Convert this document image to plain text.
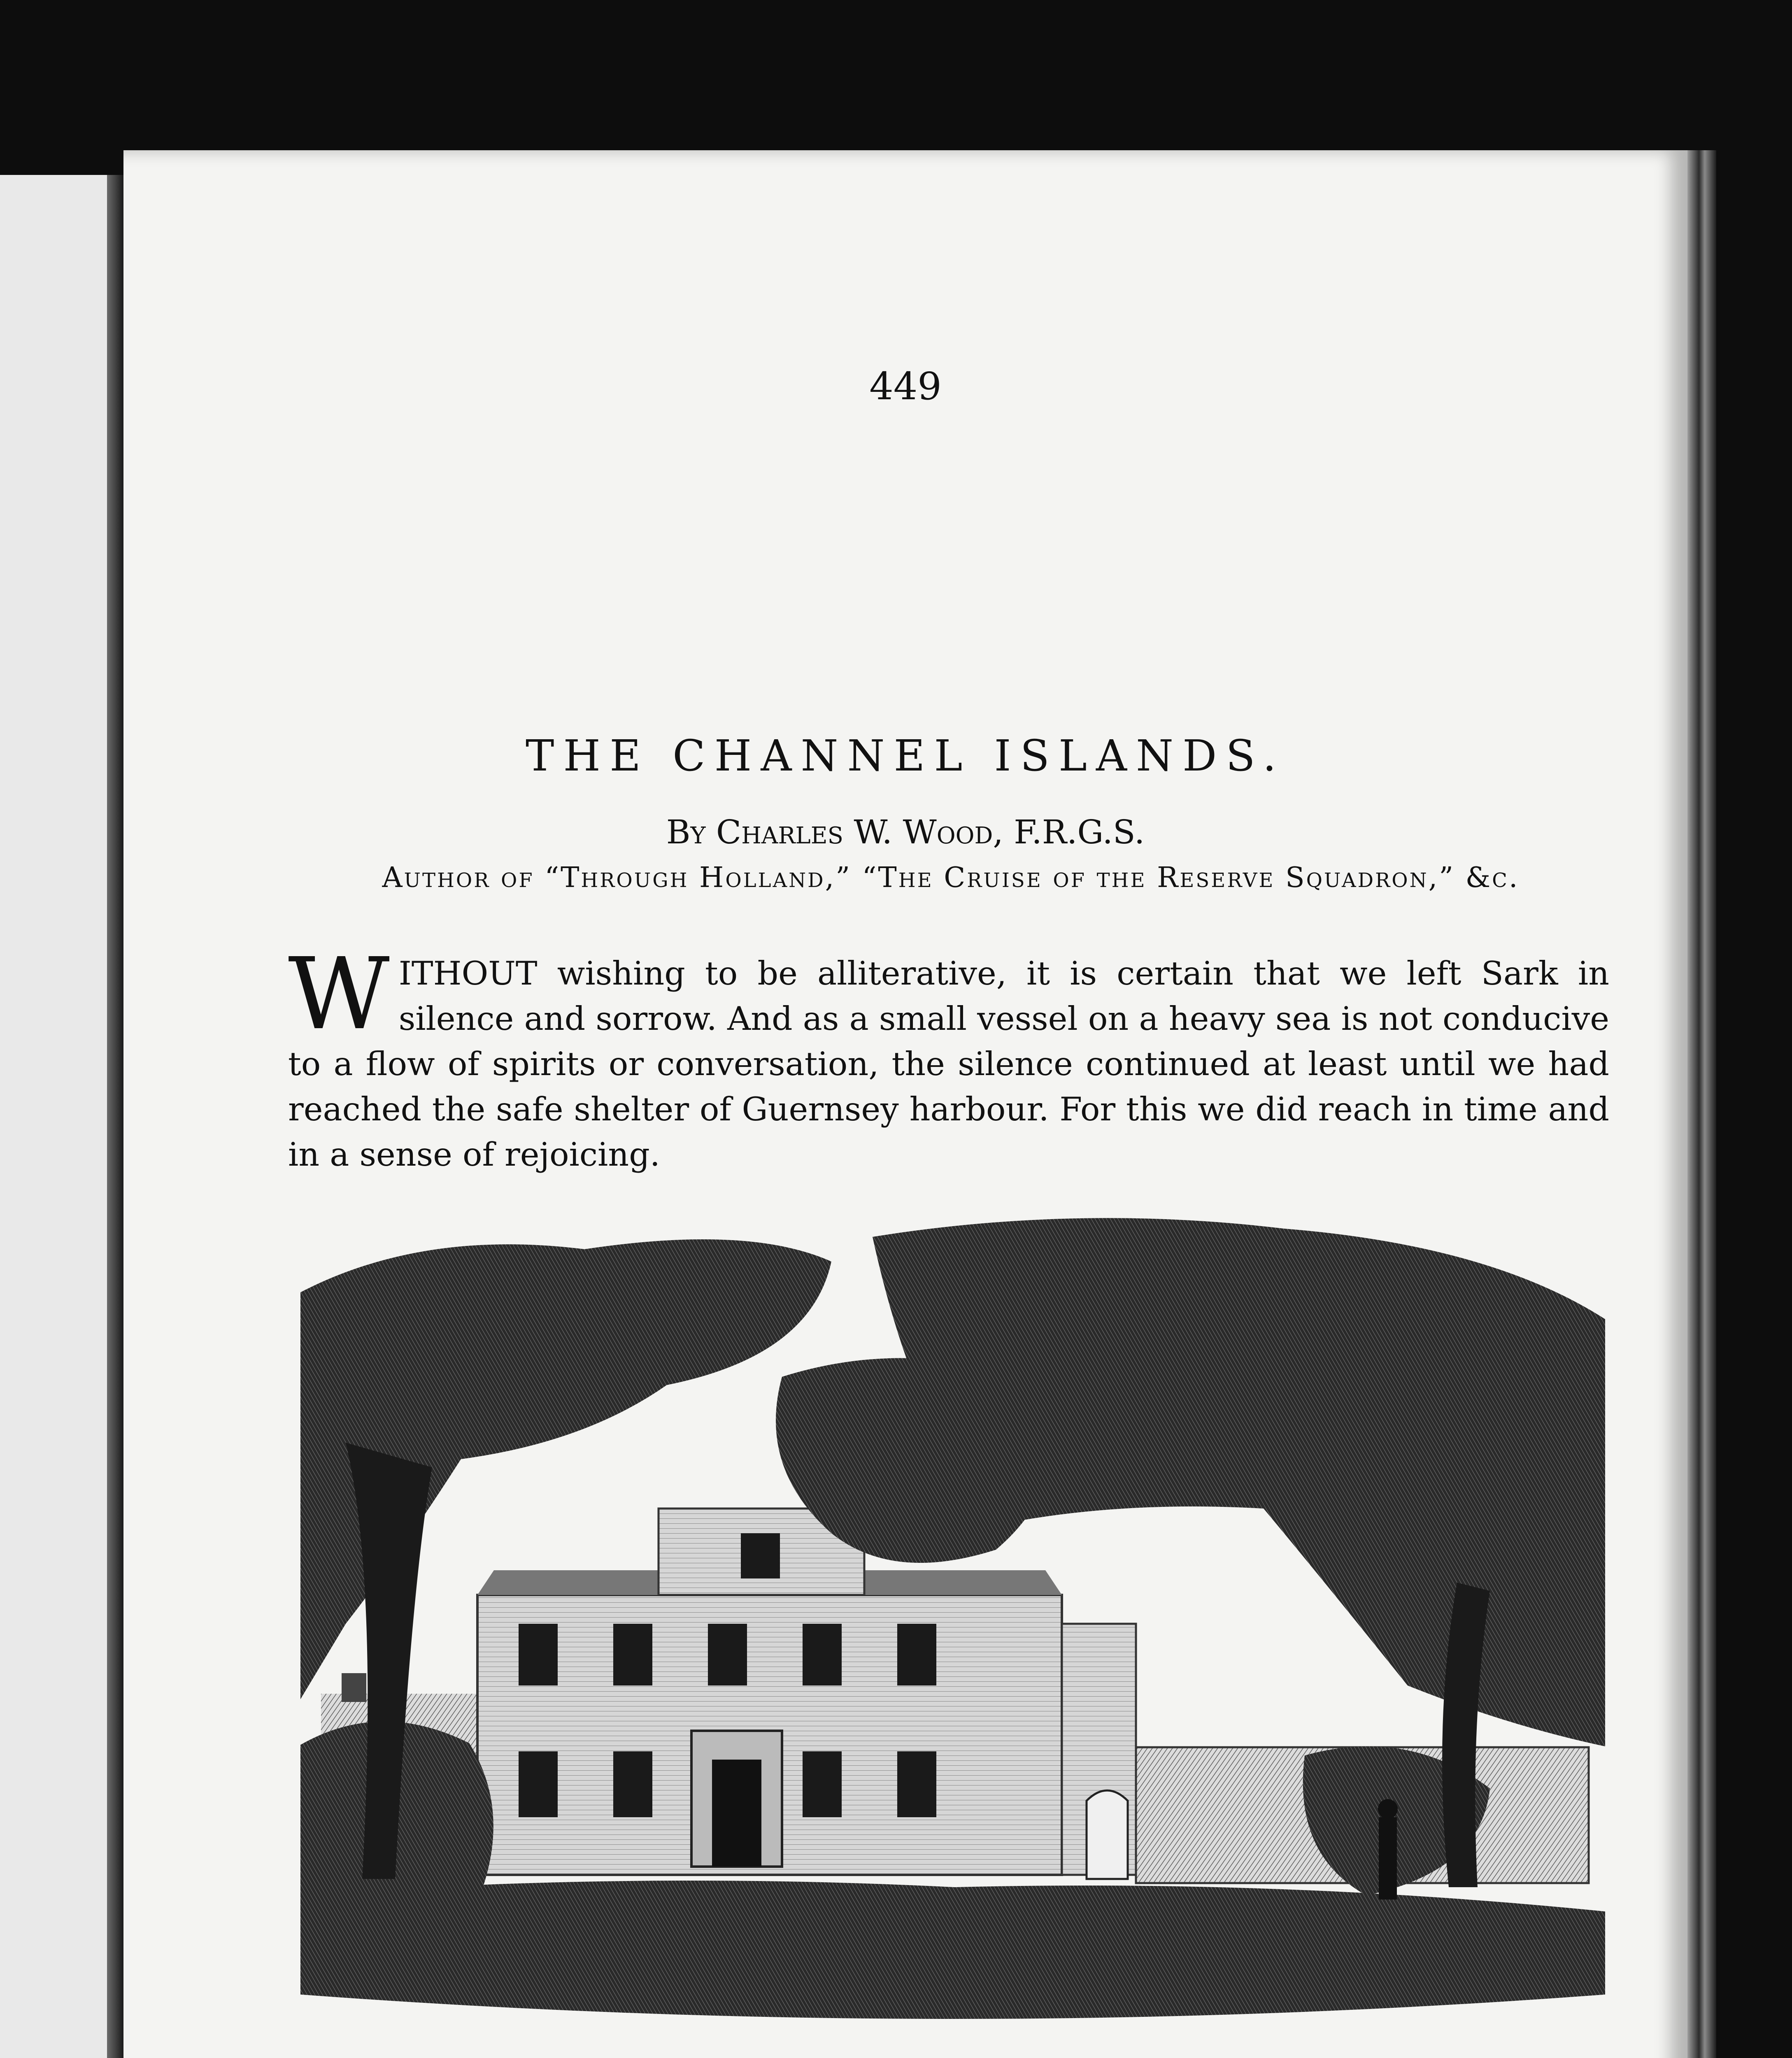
449
THE CHANNEL ISLANDS.
By Charles W. Wood, F.R.G.S.
Author of “Through Holland,” “The Cruise of the Reserve Squadron,” &c.

WITHOUT wishing to be alliterative, it is certain that we left Sark in silence and sorrow. And as a small vessel on a heavy sea is not conducive to a flow of spirits or conversation, the silence continued at least until we had reached the safe shelter of Guernsey harbour. For this we did reach in time and in a sense of rejoicing.
